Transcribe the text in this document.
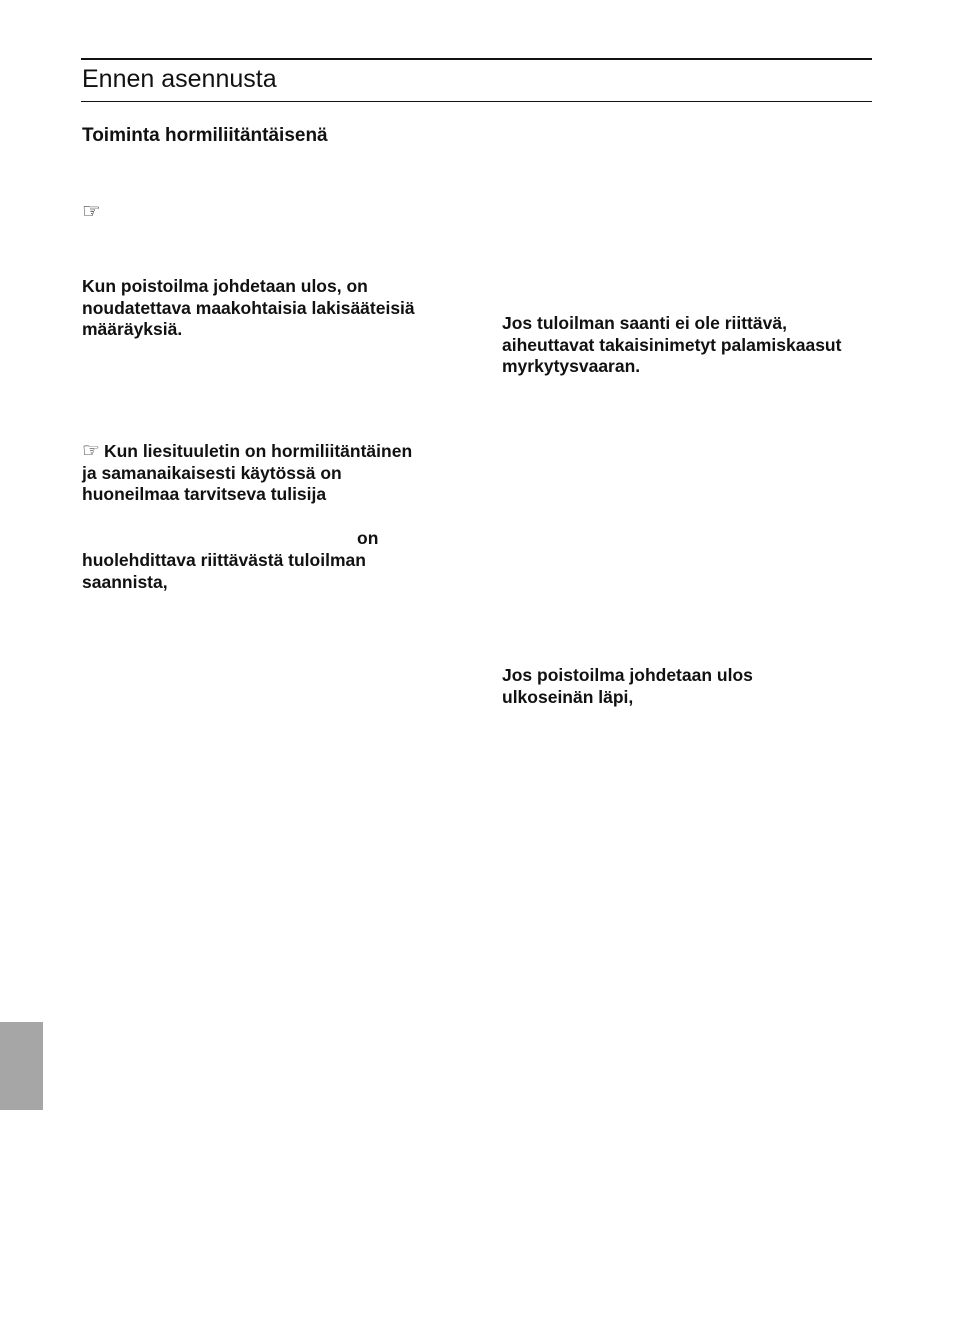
Ennen asennusta
Toiminta hormiliitäntäisenä
☞

Kun poistoilma johdetaan ulos, on
noudatettava maakohtaisia lakisääteisiä
määräyksiä.

☞ Kun liesituuletin on hormiliitäntäinen
ja samanaikaisesti käytössä on
huoneilmaa tarvitseva tulisija

on

huolehdittava riittävästä tuloilman
saannista,

Jos tuloilman saanti ei ole riittävä,
aiheuttavat takaisinimetyt palamiskaasut
myrkytysvaaran.

Jos poistoilma johdetaan ulos
ulkoseinän läpi,
